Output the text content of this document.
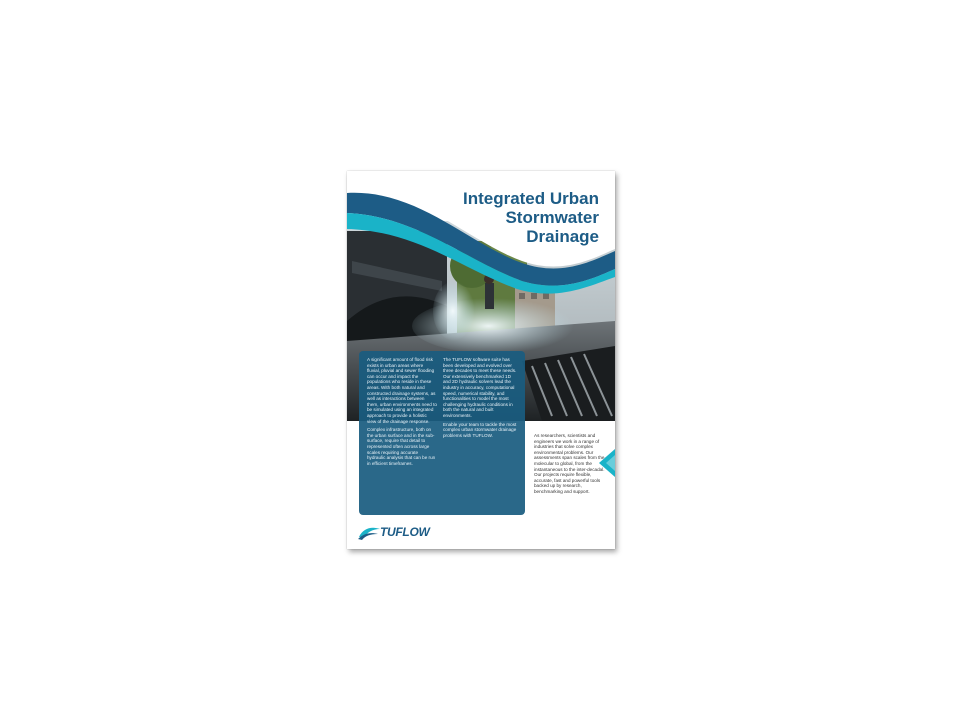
Integrated Urban
Stormwater
Drainage

A significant amount of flood risk exists in urban areas where fluvial, pluvial and sewer flooding can occur and impact the populations who reside in these areas. With both natural and constructed drainage systems, as well as interactions between them, urban environments need to be simulated using an integrated approach to provide a holistic view of the drainage response.

Complex infrastructure, both on the urban surface and in the sub-surface, require that detail to represented often across large scales requiring accurate hydraulic analysis that can be run in efficient timeframes.

The TUFLOW software suite has been developed and evolved over three decades to meet these needs. Our extensively benchmarked 1D and 2D hydraulic solvers lead the industry in accuracy, computational speed, numerical stability, and functionalities to model the most challenging hydraulic conditions in both the natural and built environments.

Enable your team to tackle the most complex urban stormwater drainage problems with TUFLOW.	As researchers, scientists and engineers we work in a range of industries that solve complex environmental problems. Our assessments span scales from the molecular to global, from the instantaneous to the inter-decadal. Our projects require flexible, accurate, fast and powerful tools backed up by research, benchmarking and support.
TUFLOW
